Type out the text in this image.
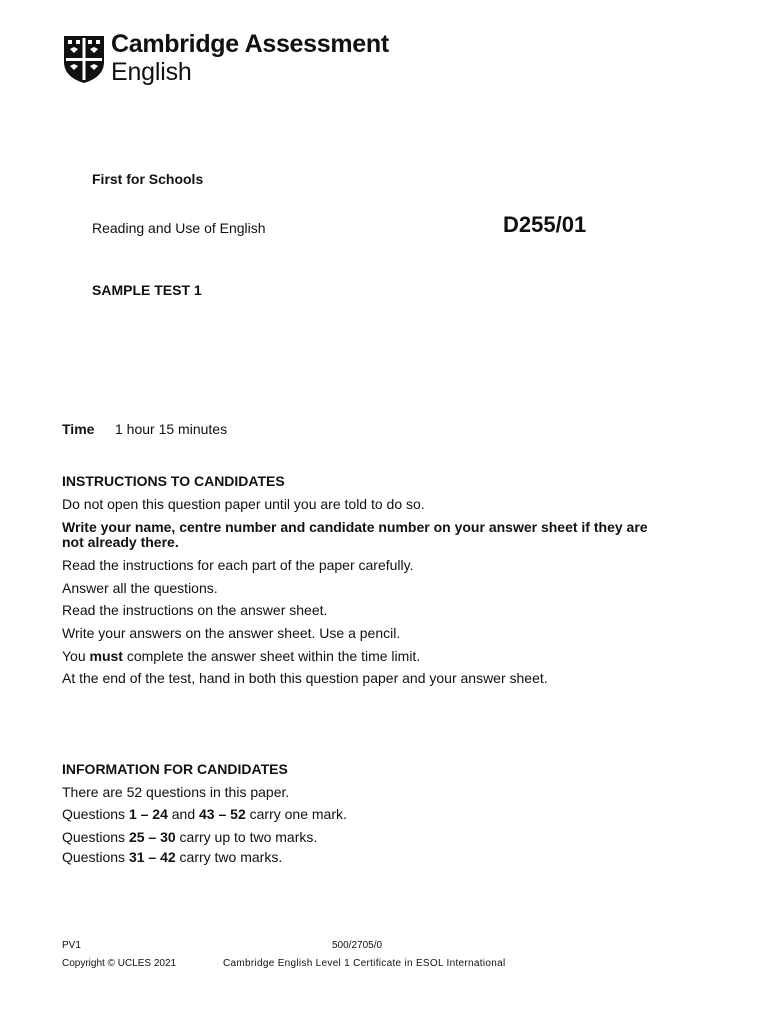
Cambridge Assessment
English
First for Schools
Reading and Use of English	D255/01
SAMPLE TEST 1
Time 1 hour 15 minutes
INSTRUCTIONS TO CANDIDATES
Do not open this question paper until you are told to do so.
Write your name, centre number and candidate number on your answer sheet if they are
not already there.
Read the instructions for each part of the paper carefully.
Answer all the questions.
Read the instructions on the answer sheet.
Write your answers on the answer sheet. Use a pencil.
You must complete the answer sheet within the time limit.
At the end of the test, hand in both this question paper and your answer sheet.
INFORMATION FOR CANDIDATES
There are 52 questions in this paper.
Questions 1 – 24 and 43 – 52 carry one mark.
Questions 25 – 30 carry up to two marks.
Questions 31 – 42 carry two marks.
PV1	500/2705/0
Copyright © UCLES 2021	Cambridge English Level 1 Certificate in ESOL International
